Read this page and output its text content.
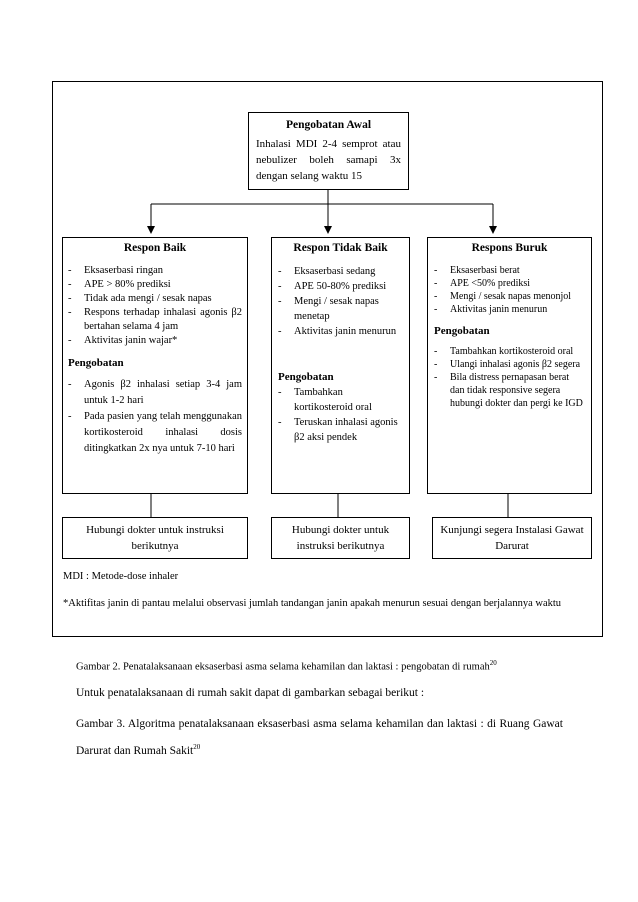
Pengobatan Awal
Inhalasi MDI 2-4 semprot atau nebulizer boleh samapi 3x dengan selang waktu 15
Respon Baik
- Eksaserbasi ringan
- APE > 80% prediksi
- Tidak ada mengi / sesak napas
- Respons terhadap inhalasi agonis β2 bertahan selama 4 jam
- Aktivitas janin wajar*
Pengobatan
- Agonis β2 inhalasi setiap 3-4 jam untuk 1-2 hari
- Pada pasien yang telah menggunakan kortikosteroid inhalasi dosis ditingkatkan 2x nya untuk 7-10 hari
Respon Tidak Baik
- Eksaserbasi sedang
- APE 50-80% prediksi
- Mengi / sesak napas menetap
- Aktivitas janin menurun
Pengobatan
- Tambahkan kortikosteroid oral
- Teruskan inhalasi agonis β2 aksi pendek
Respons Buruk
- Eksaserbasi berat
- APE <50% prediksi
- Mengi / sesak napas menonjol
- Aktivitas janin menurun
Pengobatan
- Tambahkan kortikosteroid oral
- Ulangi inhalasi agonis β2 segera
- Bila distress pernapasan berat dan tidak responsive segera hubungi dokter dan pergi ke IGD
Hubungi dokter untuk instruksi berikutnya
Hubungi dokter untuk instruksi berikutnya
Kunjungi segera Instalasi Gawat Darurat
MDI : Metode-dose inhaler
*Aktifitas janin di pantau melalui observasi jumlah tandangan janin apakah menurun sesuai dengan berjalannya waktu
Gambar 2. Penatalaksanaan eksaserbasi asma selama kehamilan dan laktasi : pengobatan di rumah$^{20}$
Untuk penatalaksanaan di rumah sakit dapat di gambarkan sebagai berikut :
Gambar 3. Algoritma penatalaksanaan eksaserbasi asma selama kehamilan dan laktasi : di Ruang Gawat Darurat dan Rumah Sakit$^{20}$
